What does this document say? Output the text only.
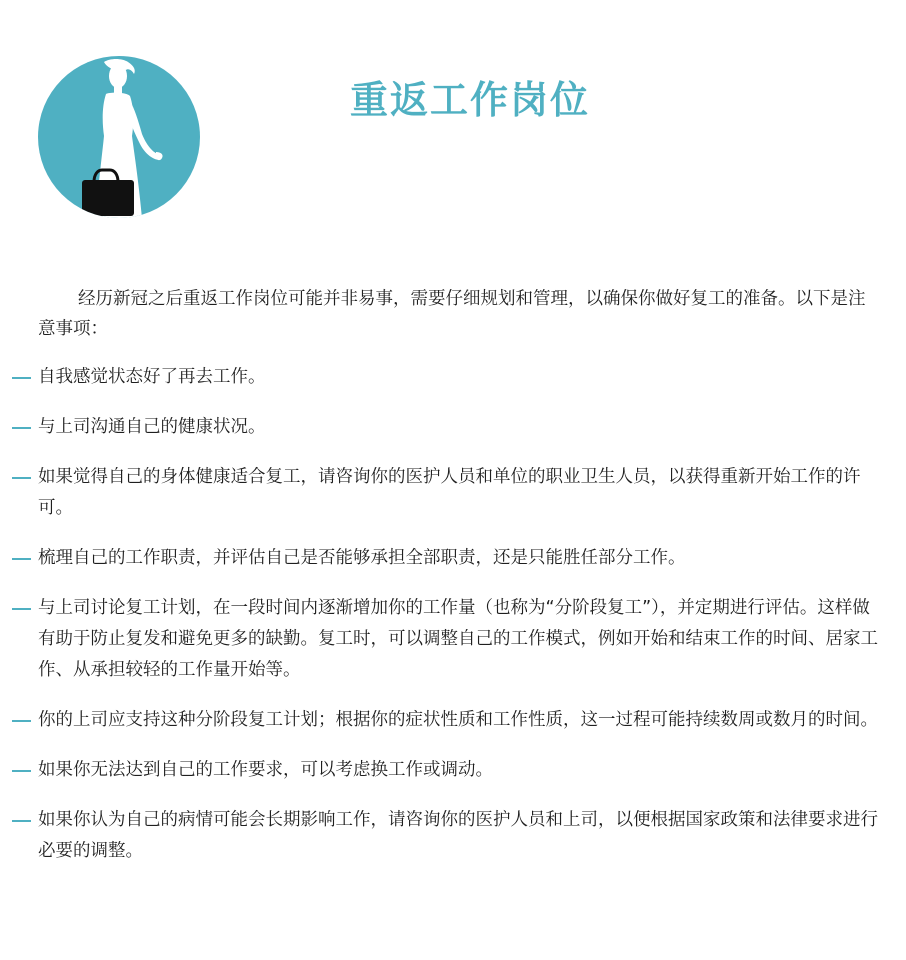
重返工作岗位

经历新冠之后重返工作岗位可能并非易事，需要仔细规划和管理，以确保你做好复工的准备。以下是注意事项：

自我感觉状态好了再去工作。
与上司沟通自己的健康状况。
如果觉得自己的身体健康适合复工，请咨询你的医护人员和单位的职业卫生人员，以获得重新开始工作的许可。
梳理自己的工作职责，并评估自己是否能够承担全部职责，还是只能胜任部分工作。
与上司讨论复工计划，在一段时间内逐渐增加你的工作量（也称为“分阶段复工”），并定期进行评估。这样做有助于防止复发和避免更多的缺勤。复工时，可以调整自己的工作模式，例如开始和结束工作的时间、居家工作、从承担较轻的工作量开始等。
你的上司应支持这种分阶段复工计划；根据你的症状性质和工作性质，这一过程可能持续数周或数月的时间。
如果你无法达到自己的工作要求，可以考虑换工作或调动。
如果你认为自己的病情可能会长期影响工作，请咨询你的医护人员和上司，以便根据国家政策和法律要求进行必要的调整。
